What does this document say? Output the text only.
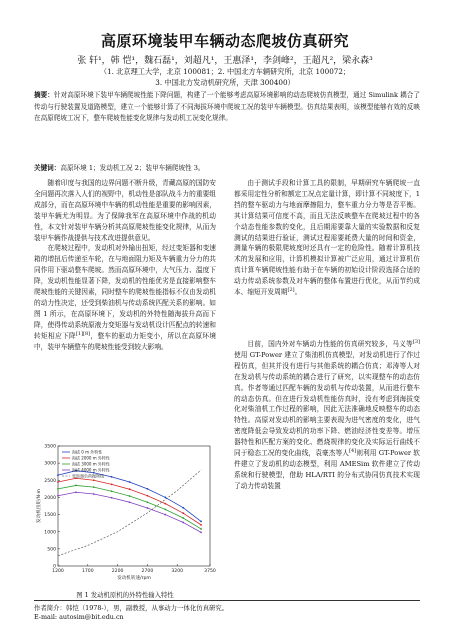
高原环境装甲车辆动态爬坡仿真研究
张 轩¹，韩 恺¹，魏石磊¹，刘超凡¹，王惠泽¹，李剑峰²，王超凡²，梁永森³
（1. 北京理工大学，北京 100081；2. 中国北方车辆研究所，北京 100072；
3. 中国北方发动机研究所，天津 300400）
摘要：针对高原环境下装甲车辆爬坡性能下降问题，构建了一个能够考虑高原环境影响的动态爬坡仿真模型，通过 Simulink 耦合了传动与行驶装置及道路模型，建立一个能够计算了不同海拔环境中爬坡工况的装甲车辆模型。仿真结果表明，该模型能够有效的反映在高原爬坡工况下，整车爬坡性能变化规律与发动机工况变化规律。
关键词：高原环境 1；发动机工况 2；装甲车辆爬坡性 3。

随着印度与我国的边界问题不断升级，青藏高原的国防安全问题再次落入人们的视野中，机动性是部队战斗力的重要组成部分，而在高原环境中车辆的机动性能是重要的影响因素，装甲车辆尤为明显。为了保障我军在高原环境中作战的机动性，本文针对装甲车辆分析其高原爬坡性能变化规律，从而为装甲车辆作战提供与技术改进提供意见。

在爬坡过程中，发动机对外输出扭矩，经过变矩器和变速箱的增扭后传递至车轮，在与地面阻力矩及车辆重力分力的共同作用下驱动整车爬坡。然而高原环境中，大气压力、温度下降，发动机性能显著下降，发动机的性能优劣是直接影响整车爬坡性能的关键因素，同时整车的爬坡性能指标不仅由发动机的动力性决定，还受到柴油机与传动系统匹配关系的影响。如图 1 所示，在高原环境下，发动机的外特性随海拔升高而下降，使得传动系统原液力变矩器与发动机设计匹配点的转速和转矩相应下降[1][8]，整车的驱动力矩变小，所以在高原环境中，装甲车辆整车的爬坡性能受到较大影响。

由于测试手段和计算工具的限制，早期研究车辆爬坡一直都采用定性分析和额定工况点定量计算，即计算不同坡度下，1 挡的整车驱动力与地面摩擦阻力，整车重力分力等是否平衡。其计算结果可信度不高，而且无法反映整车在爬坡过程中的各个动态性能参数的变化，且后期需要靠大量的实验数据和反复测试的结果进行验证，测试过程需要耗费大量的时间和资金，测量车辆的极限爬坡度时还具有一定的危险性。随着计算机技术的发展和应用，计算机模拟计算被广泛应用，通过计算机仿真计算车辆爬坡性能有助于在车辆的初始设计阶段选择合适的动力传动系统参数及对车辆的整体布置进行优化，从而节约成本、缩短开发周期[2]。

目前，国内外对车辆动力性能的仿真研究较多，马义等[3]使用 GT-Power 建立了柴油机仿真模型，对发动机进行了作过程仿真，但其并没有进行与其他系统的耦合仿真；邓涛等人对在发动机与传动系统的耦合进行了研究，以实现整车的动态仿真。作者等通过匹配车辆的发动机与传动装置，从而进行整车的动态仿真。但在进行发动机性能仿真时，没有考虑到海拔变化对柴油机工作过程的影响，因此无法准确地反映整车的动态特性。高原对发动机的影响主要表现为进气密度的变化，进气密度降低会导致发动机的功率下降、燃油经济性变差等。增压器特性和匹配方案的变化、燃烧规律的变化及实际运行曲线不同于稳态工况的变化曲线，袁豪杰等人[4]则利用 GT-Power 软件建立了发动机的动态模型，利用 AMESim 软件建立了传动系统和行驶模型，借助 HLA/RTI 的分布式协同仿真技术实现了动力传动装置

0
500
1000
1500
2000
2500
3000
3500
1200	1700	2200	2700	3200	3750
发动机转速/rpm
发动机扭矩/N·m
海拔 0 m 外特性
海拔 2000 m 外特性
海拔 3000 m 外特性
海拔 4000 m 外特性
变矩器负荷抛物线
图 1 发动机原机的外特性输入特性
作者简介：韩恺（1978-），男，副教授，从事动力一体化仿真研究。
E-mail: autosim@bit.edu.cn
